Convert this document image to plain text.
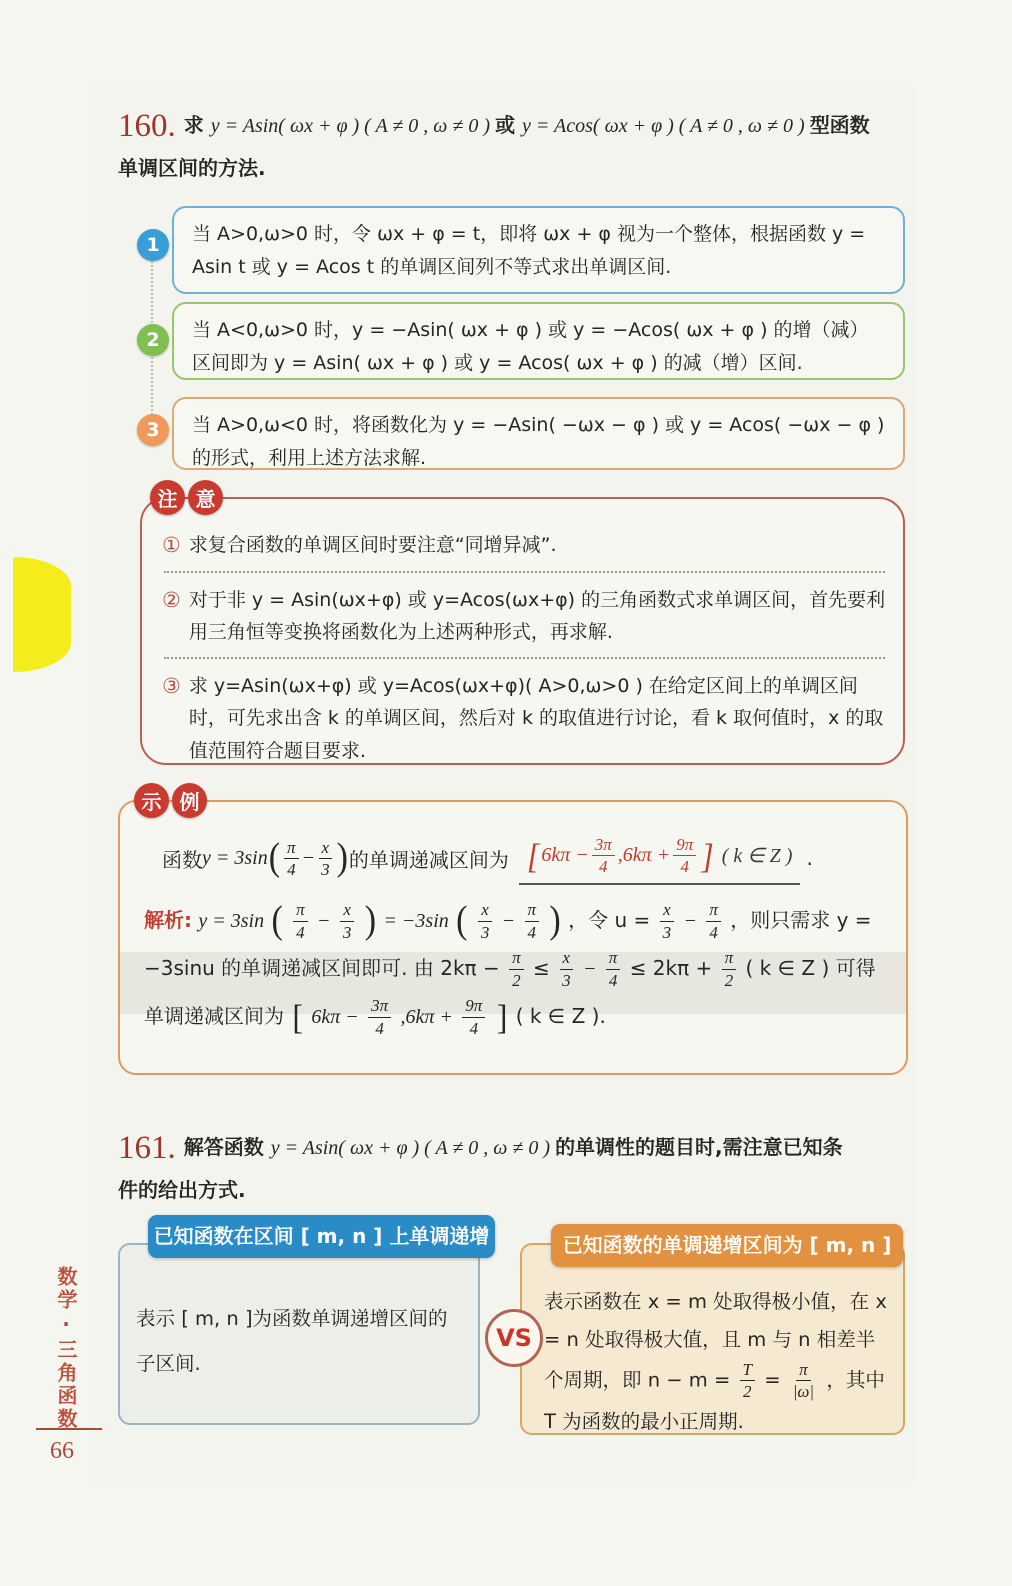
160. 求 y = Asin( ωx + φ ) ( A ≠ 0 , ω ≠ 0 ) 或 y = Acos( ωx + φ ) ( A ≠ 0 , ω ≠ 0 ) 型函数
单调区间的方法.
1
2
3
当 A>0,ω>0 时，令 ωx + φ = t，即将 ωx + φ 视为一个整体，根据函数 y = Asin t 或 y = Acos t 的单调区间列不等式求出单调区间.
当 A<0,ω>0 时，y = −Asin( ωx + φ ) 或 y = −Acos( ωx + φ ) 的增（减）区间即为 y = Asin( ωx + φ ) 或 y = Acos( ωx + φ ) 的减（增）区间.
当 A>0,ω<0 时，将函数化为 y = −Asin( −ωx − φ ) 或 y = Acos( −ωx − φ ) 的形式，利用上述方法求解.
注 意
① 求复合函数的单调区间时要注意“同增异减”.
② 对于非 y = Asin(ωx+φ) 或 y=Acos(ωx+φ) 的三角函数式求单调区间，首先要利用三角恒等变换将函数化为上述两种形式，再求解.
③ 求 y=Asin(ωx+φ) 或 y=Acos(ωx+φ)( A>0,ω>0 ) 在给定区间上的单调区间时，可先求出含 k 的单调区间，然后对 k 的取值进行讨论，看 k 取何值时，x 的取值范围符合题目要求.
示 例
函数 y = 3sin ( $\frac{\pi}{4} - \frac{x}{3}$ ) 的单调递减区间为 [ $6k\pi - \frac{3\pi}{4} ,6k\pi + \frac{9\pi}{4}$ ] ( k ∈ Z ) .
解析: y = 3sin ( $\frac{\pi}{4} - \frac{x}{3}$ ) = −3sin ( $\frac{x}{3} - \frac{\pi}{4}$ ) ，令 $u = \frac{x}{3} - \frac{\pi}{4}$ ，则只需求 y = −3sinu 的单调递减区间即可. 由 $2k\pi - \frac{\pi}{2} \le \frac{x}{3} - \frac{\pi}{4} \le 2k\pi + \frac{\pi}{2}$ ( k ∈ Z ) 可得单调递减区间为 [ $6k\pi - \frac{3\pi}{4} ,6k\pi + \frac{9\pi}{4}$ ] ( k ∈ Z ).
161. 解答函数 y = Asin( ωx + φ ) ( A ≠ 0 , ω ≠ 0 ) 的单调性的题目时,需注意已知条
件的给出方式.
已知函数在区间 [ m, n ] 上单调递增
表示 [ m, n ]为函数单调递增区间的子区间.
VS
已知函数的单调递增区间为 [ m, n ]
表示函数在 x = m 处取得极小值，在 x = n 处取得极大值，且 m 与 n 相差半个周期，即 $n - m = \frac{T}{2} = \frac{\pi}{|\omega|}$ ，其中 T 为函数的最小正周期.
数学·三角函数
66
